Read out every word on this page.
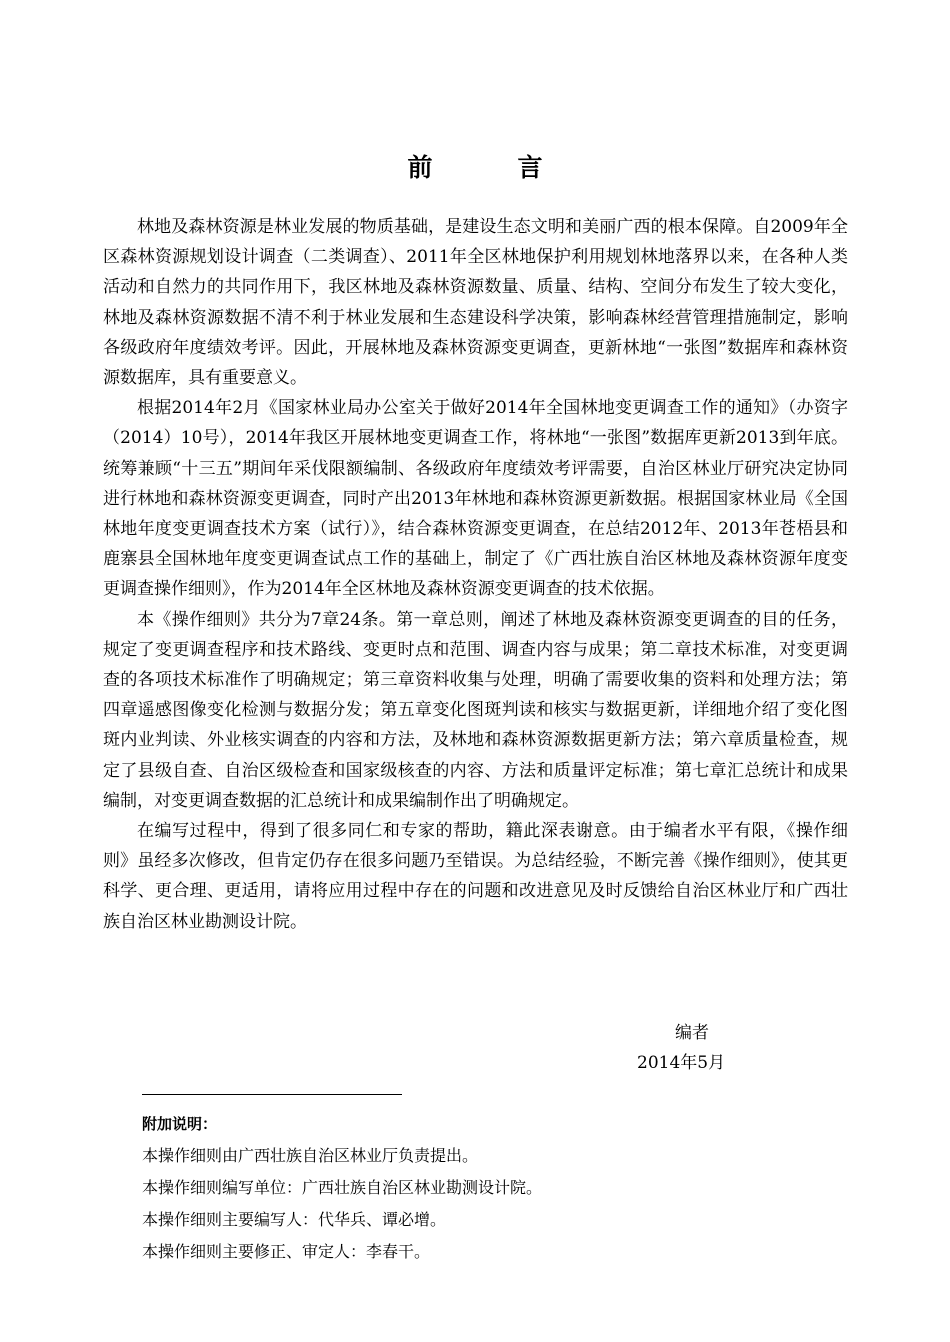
前　言

林地及森林资源是林业发展的物质基础，是建设生态文明和美丽广西的根本保障。自2009年全区森林资源规划设计调查（二类调查）、2011年全区林地保护利用规划林地落界以来，在各种人类活动和自然力的共同作用下，我区林地及森林资源数量、质量、结构、空间分布发生了较大变化，林地及森林资源数据不清不利于林业发展和生态建设科学决策，影响森林经营管理措施制定，影响各级政府年度绩效考评。因此，开展林地及森林资源变更调查，更新林地“一张图”数据库和森林资源数据库，具有重要意义。

根据2014年2月《国家林业局办公室关于做好2014年全国林地变更调查工作的通知》（办资字（2014）10号），2014年我区开展林地变更调查工作，将林地“一张图”数据库更新2013到年底。统筹兼顾“十三五”期间年采伐限额编制、各级政府年度绩效考评需要，自治区林业厅研究决定协同进行林地和森林资源变更调查，同时产出2013年林地和森林资源更新数据。根据国家林业局《全国林地年度变更调查技术方案（试行）》，结合森林资源变更调查，在总结2012年、2013年苍梧县和鹿寨县全国林地年度变更调查试点工作的基础上，制定了《广西壮族自治区林地及森林资源年度变更调查操作细则》，作为2014年全区林地及森林资源变更调查的技术依据。

本《操作细则》共分为7章24条。第一章总则，阐述了林地及森林资源变更调查的目的任务，规定了变更调查程序和技术路线、变更时点和范围、调查内容与成果；第二章技术标准，对变更调查的各项技术标准作了明确规定；第三章资料收集与处理，明确了需要收集的资料和处理方法；第四章遥感图像变化检测与数据分发；第五章变化图斑判读和核实与数据更新，详细地介绍了变化图斑内业判读、外业核实调查的内容和方法，及林地和森林资源数据更新方法；第六章质量检查，规定了县级自查、自治区级检查和国家级核查的内容、方法和质量评定标准；第七章汇总统计和成果编制，对变更调查数据的汇总统计和成果编制作出了明确规定。

在编写过程中，得到了很多同仁和专家的帮助，籍此深表谢意。由于编者水平有限，《操作细则》虽经多次修改，但肯定仍存在很多问题乃至错误。为总结经验，不断完善《操作细则》，使其更科学、更合理、更适用，请将应用过程中存在的问题和改进意见及时反馈给自治区林业厅和广西壮族自治区林业勘测设计院。

编者

2014年5月

附加说明：

本操作细则由广西壮族自治区林业厅负责提出。

本操作细则编写单位：广西壮族自治区林业勘测设计院。

本操作细则主要编写人：代华兵、谭必增。

本操作细则主要修正、审定人：李春干。
